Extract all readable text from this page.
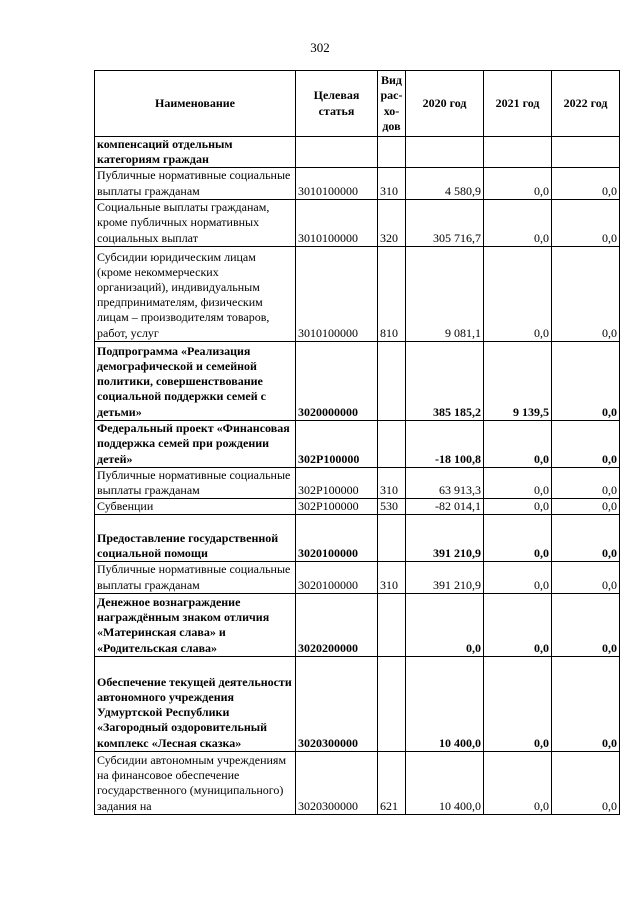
302
Наименование	Целевая статья	Вид рас-хо-дов	2020 год	2021 год	2022 год
компенсаций отдельным категориям граждан					
Публичные нормативные социальные выплаты гражданам	3010100000	310	4 580,9	0,0	0,0
Социальные выплаты гражданам, кроме публичных нормативных социальных выплат	3010100000	320	305 716,7	0,0	0,0
Субсидии юридическим лицам (кроме некоммерческих организаций), индивидуальным предпринимателям, физическим лицам – производителям товаров, работ, услуг	3010100000	810	9 081,1	0,0	0,0
Подпрограмма «Реализация демографической и семейной политики, совершенствование социальной поддержки семей с детьми»	3020000000		385 185,2	9 139,5	0,0
Федеральный проект «Финансовая поддержка семей при рождении детей»	302P100000		-18 100,8	0,0	0,0
Публичные нормативные социальные выплаты гражданам	302P100000	310	63 913,3	0,0	0,0
Субвенции	302P100000	530	-82 014,1	0,0	0,0
Предоставление государственной социальной помощи	3020100000		391 210,9	0,0	0,0
Публичные нормативные социальные выплаты гражданам	3020100000	310	391 210,9	0,0	0,0
Денежное вознаграждение награждённым знаком отличия «Материнская слава» и «Родительская слава»	3020200000		0,0	0,0	0,0
Обеспечение текущей деятельности автономного учреждения Удмуртской Республики «Загородный оздоровительный комплекс «Лесная сказка»	3020300000		10 400,0	0,0	0,0
Субсидии автономным учреждениям на финансовое обеспечение государственного (муниципального) задания на	3020300000	621	10 400,0	0,0	0,0
